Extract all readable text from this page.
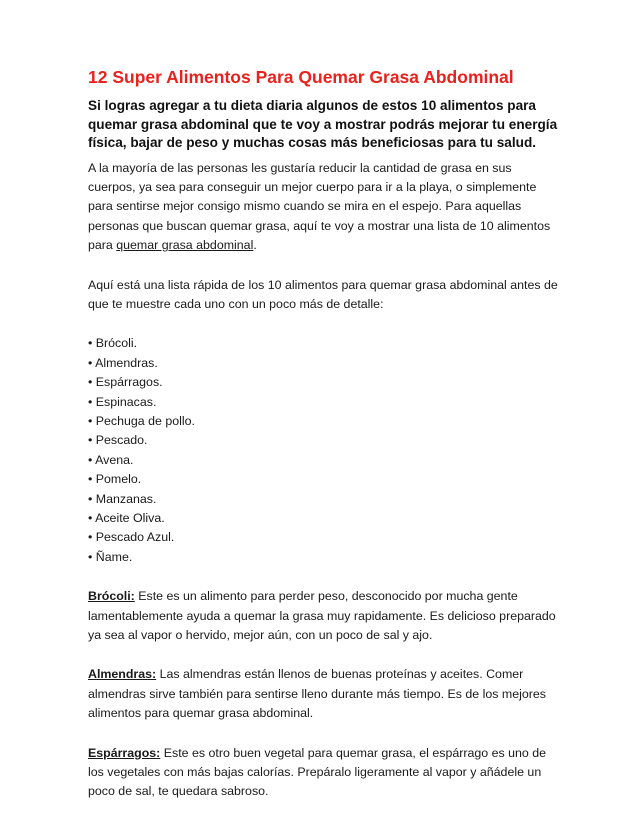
12 Super Alimentos Para Quemar Grasa Abdominal

Si logras agregar a tu dieta diaria algunos de estos 10 alimentos para quemar grasa abdominal que te voy a mostrar podrás mejorar tu energía física, bajar de peso y muchas cosas más beneficiosas para tu salud.

A la mayoría de las personas les gustaría reducir la cantidad de grasa en sus cuerpos, ya sea para conseguir un mejor cuerpo para ir a la playa, o simplemente para sentirse mejor consigo mismo cuando se mira en el espejo. Para aquellas personas que buscan quemar grasa, aquí te voy a mostrar una lista de 10 alimentos para quemar grasa abdominal.

Aquí está una lista rápida de los 10 alimentos para quemar grasa abdominal antes de que te muestre cada uno con un poco más de detalle:

• Brócoli.
• Almendras.
• Espárragos.
• Espinacas.
• Pechuga de pollo.
• Pescado.
• Avena.
• Pomelo.
• Manzanas.
• Aceite Oliva.
• Pescado Azul.
• Ñame.

Brócoli: Este es un alimento para perder peso, desconocido por mucha gente lamentablemente ayuda a quemar la grasa muy rapidamente. Es delicioso preparado ya sea al vapor o hervido, mejor aún, con un poco de sal y ajo.

Almendras: Las almendras están llenos de buenas proteínas y aceites. Comer almendras sirve también para sentirse lleno durante más tiempo. Es de los mejores alimentos para quemar grasa abdominal.

Espárragos: Este es otro buen vegetal para quemar grasa, el espárrago es uno de los vegetales con más bajas calorías. Prepáralo ligeramente al vapor y añádele un poco de sal, te quedara sabroso.
